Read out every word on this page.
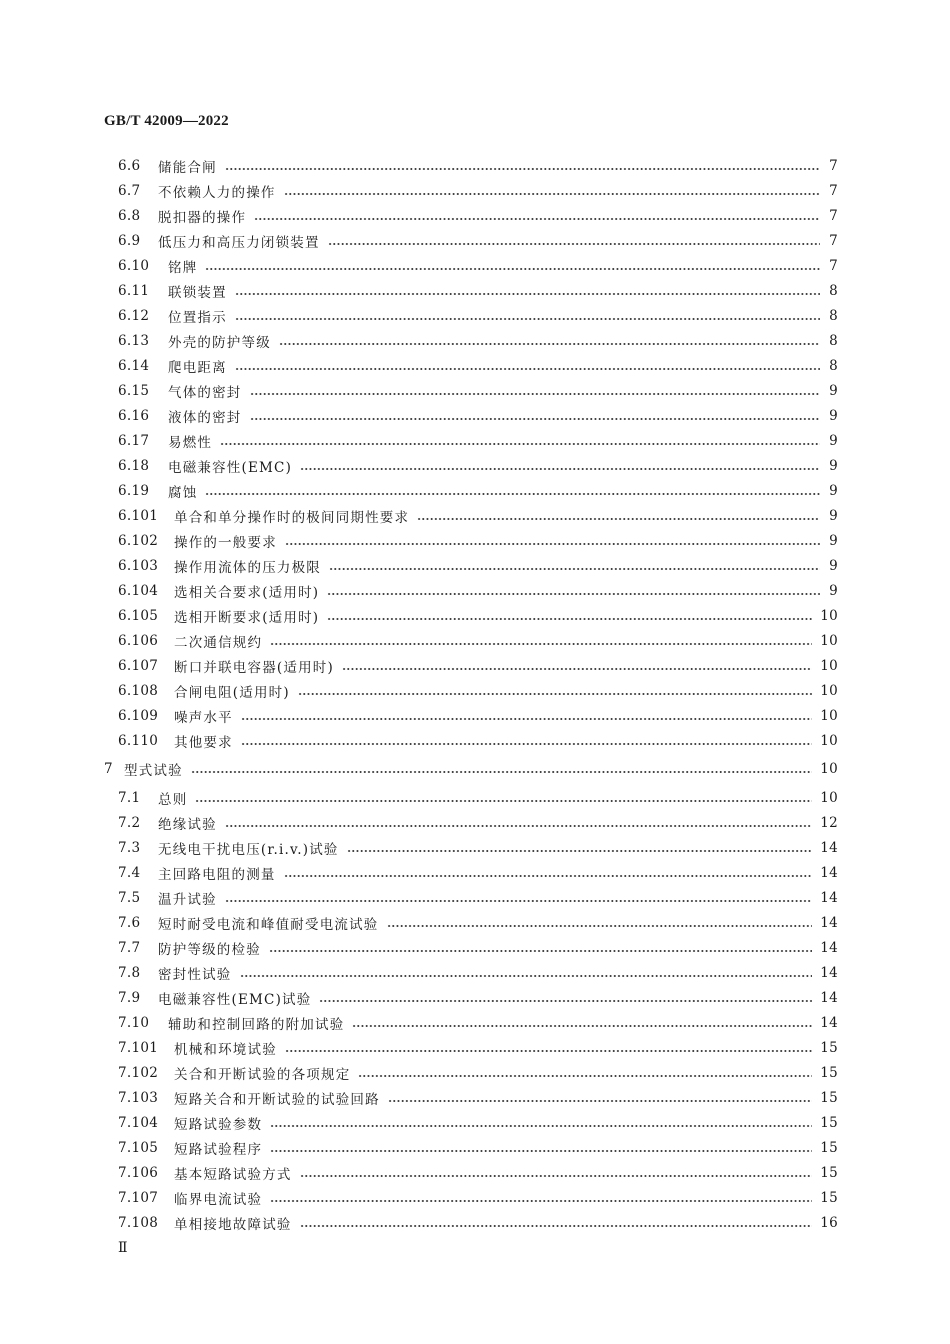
GB/T 42009—2022
6.6	储能合闸	7
6.7	不依赖人力的操作	7
6.8	脱扣器的操作	7
6.9	低压力和高压力闭锁装置	7
6.10	铭牌	7
6.11	联锁装置	8
6.12	位置指示	8
6.13	外壳的防护等级	8
6.14	爬电距离	8
6.15	气体的密封	9
6.16	液体的密封	9
6.17	易燃性	9
6.18	电磁兼容性(EMC)	9
6.19	腐蚀	9
6.101	单合和单分操作时的极间同期性要求	9
6.102	操作的一般要求	9
6.103	操作用流体的压力极限	9
6.104	选相关合要求(适用时)	9
6.105	选相开断要求(适用时)	10
6.106	二次通信规约	10
6.107	断口并联电容器(适用时)	10
6.108	合闸电阻(适用时)	10
6.109	噪声水平	10
6.110	其他要求	10
7 型式试验	10
7.1	总则	10
7.2	绝缘试验	12
7.3	无线电干扰电压(r.i.v.)试验	14
7.4	主回路电阻的测量	14
7.5	温升试验	14
7.6	短时耐受电流和峰值耐受电流试验	14
7.7	防护等级的检验	14
7.8	密封性试验	14
7.9	电磁兼容性(EMC)试验	14
7.10	辅助和控制回路的附加试验	14
7.101	机械和环境试验	15
7.102	关合和开断试验的各项规定	15
7.103	短路关合和开断试验的试验回路	15
7.104	短路试验参数	15
7.105	短路试验程序	15
7.106	基本短路试验方式	15
7.107	临界电流试验	15
7.108	单相接地故障试验	16
Ⅱ
